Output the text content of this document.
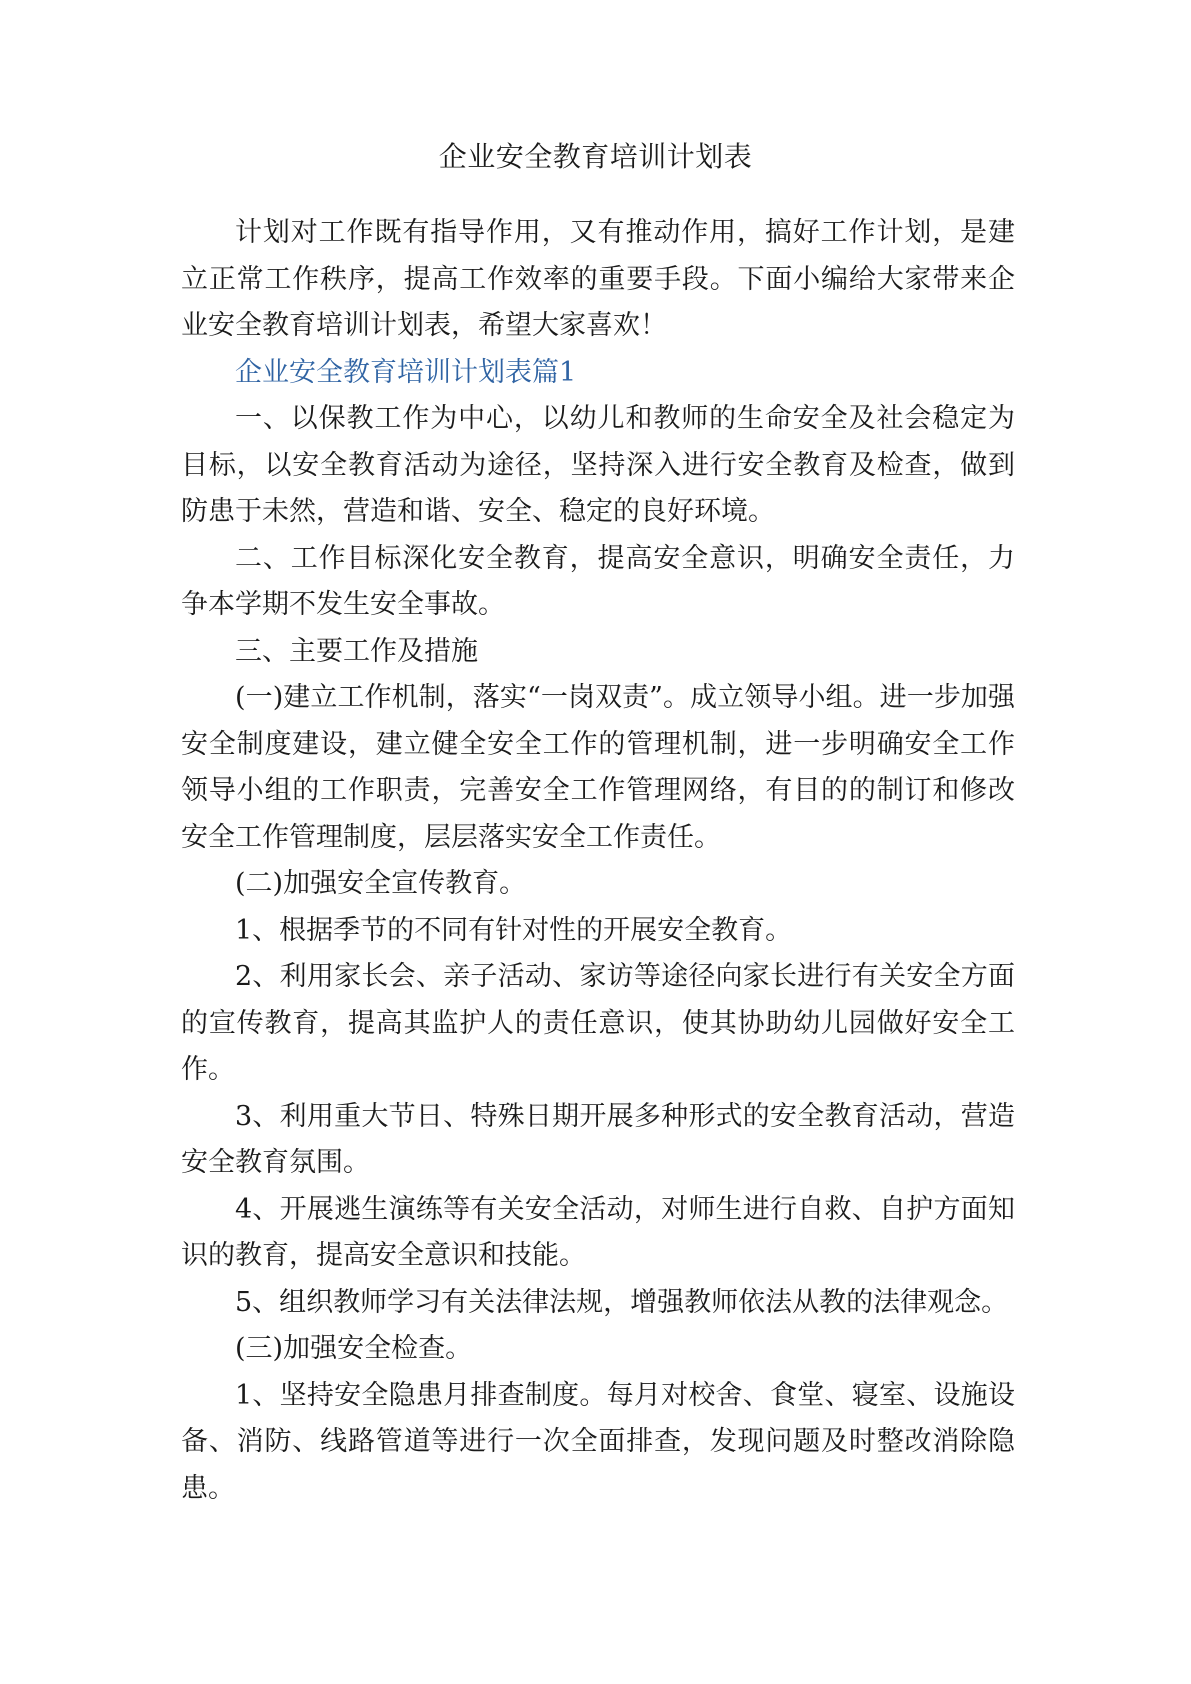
企业安全教育培训计划表

计划对工作既有指导作用，又有推动作用，搞好工作计划，是建立正常工作秩序，提高工作效率的重要手段。下面小编给大家带来企业安全教育培训计划表，希望大家喜欢！

企业安全教育培训计划表篇1

一、以保教工作为中心，以幼儿和教师的生命安全及社会稳定为目标，以安全教育活动为途径，坚持深入进行安全教育及检查，做到防患于未然，营造和谐、安全、稳定的良好环境。

二、工作目标深化安全教育，提高安全意识，明确安全责任，力争本学期不发生安全事故。

三、主要工作及措施

(一)建立工作机制，落实“一岗双责”。成立领导小组。进一步加强安全制度建设，建立健全安全工作的管理机制，进一步明确安全工作领导小组的工作职责，完善安全工作管理网络，有目的的制订和修改安全工作管理制度，层层落实安全工作责任。

(二)加强安全宣传教育。

1、根据季节的不同有针对性的开展安全教育。

2、利用家长会、亲子活动、家访等途径向家长进行有关安全方面的宣传教育，提高其监护人的责任意识，使其协助幼儿园做好安全工作。

3、利用重大节日、特殊日期开展多种形式的安全教育活动，营造安全教育氛围。

4、开展逃生演练等有关安全活动，对师生进行自救、自护方面知识的教育，提高安全意识和技能。

5、组织教师学习有关法律法规，增强教师依法从教的法律观念。

(三)加强安全检查。

1、坚持安全隐患月排查制度。每月对校舍、食堂、寝室、设施设备、消防、线路管道等进行一次全面排查，发现问题及时整改消除隐患。
